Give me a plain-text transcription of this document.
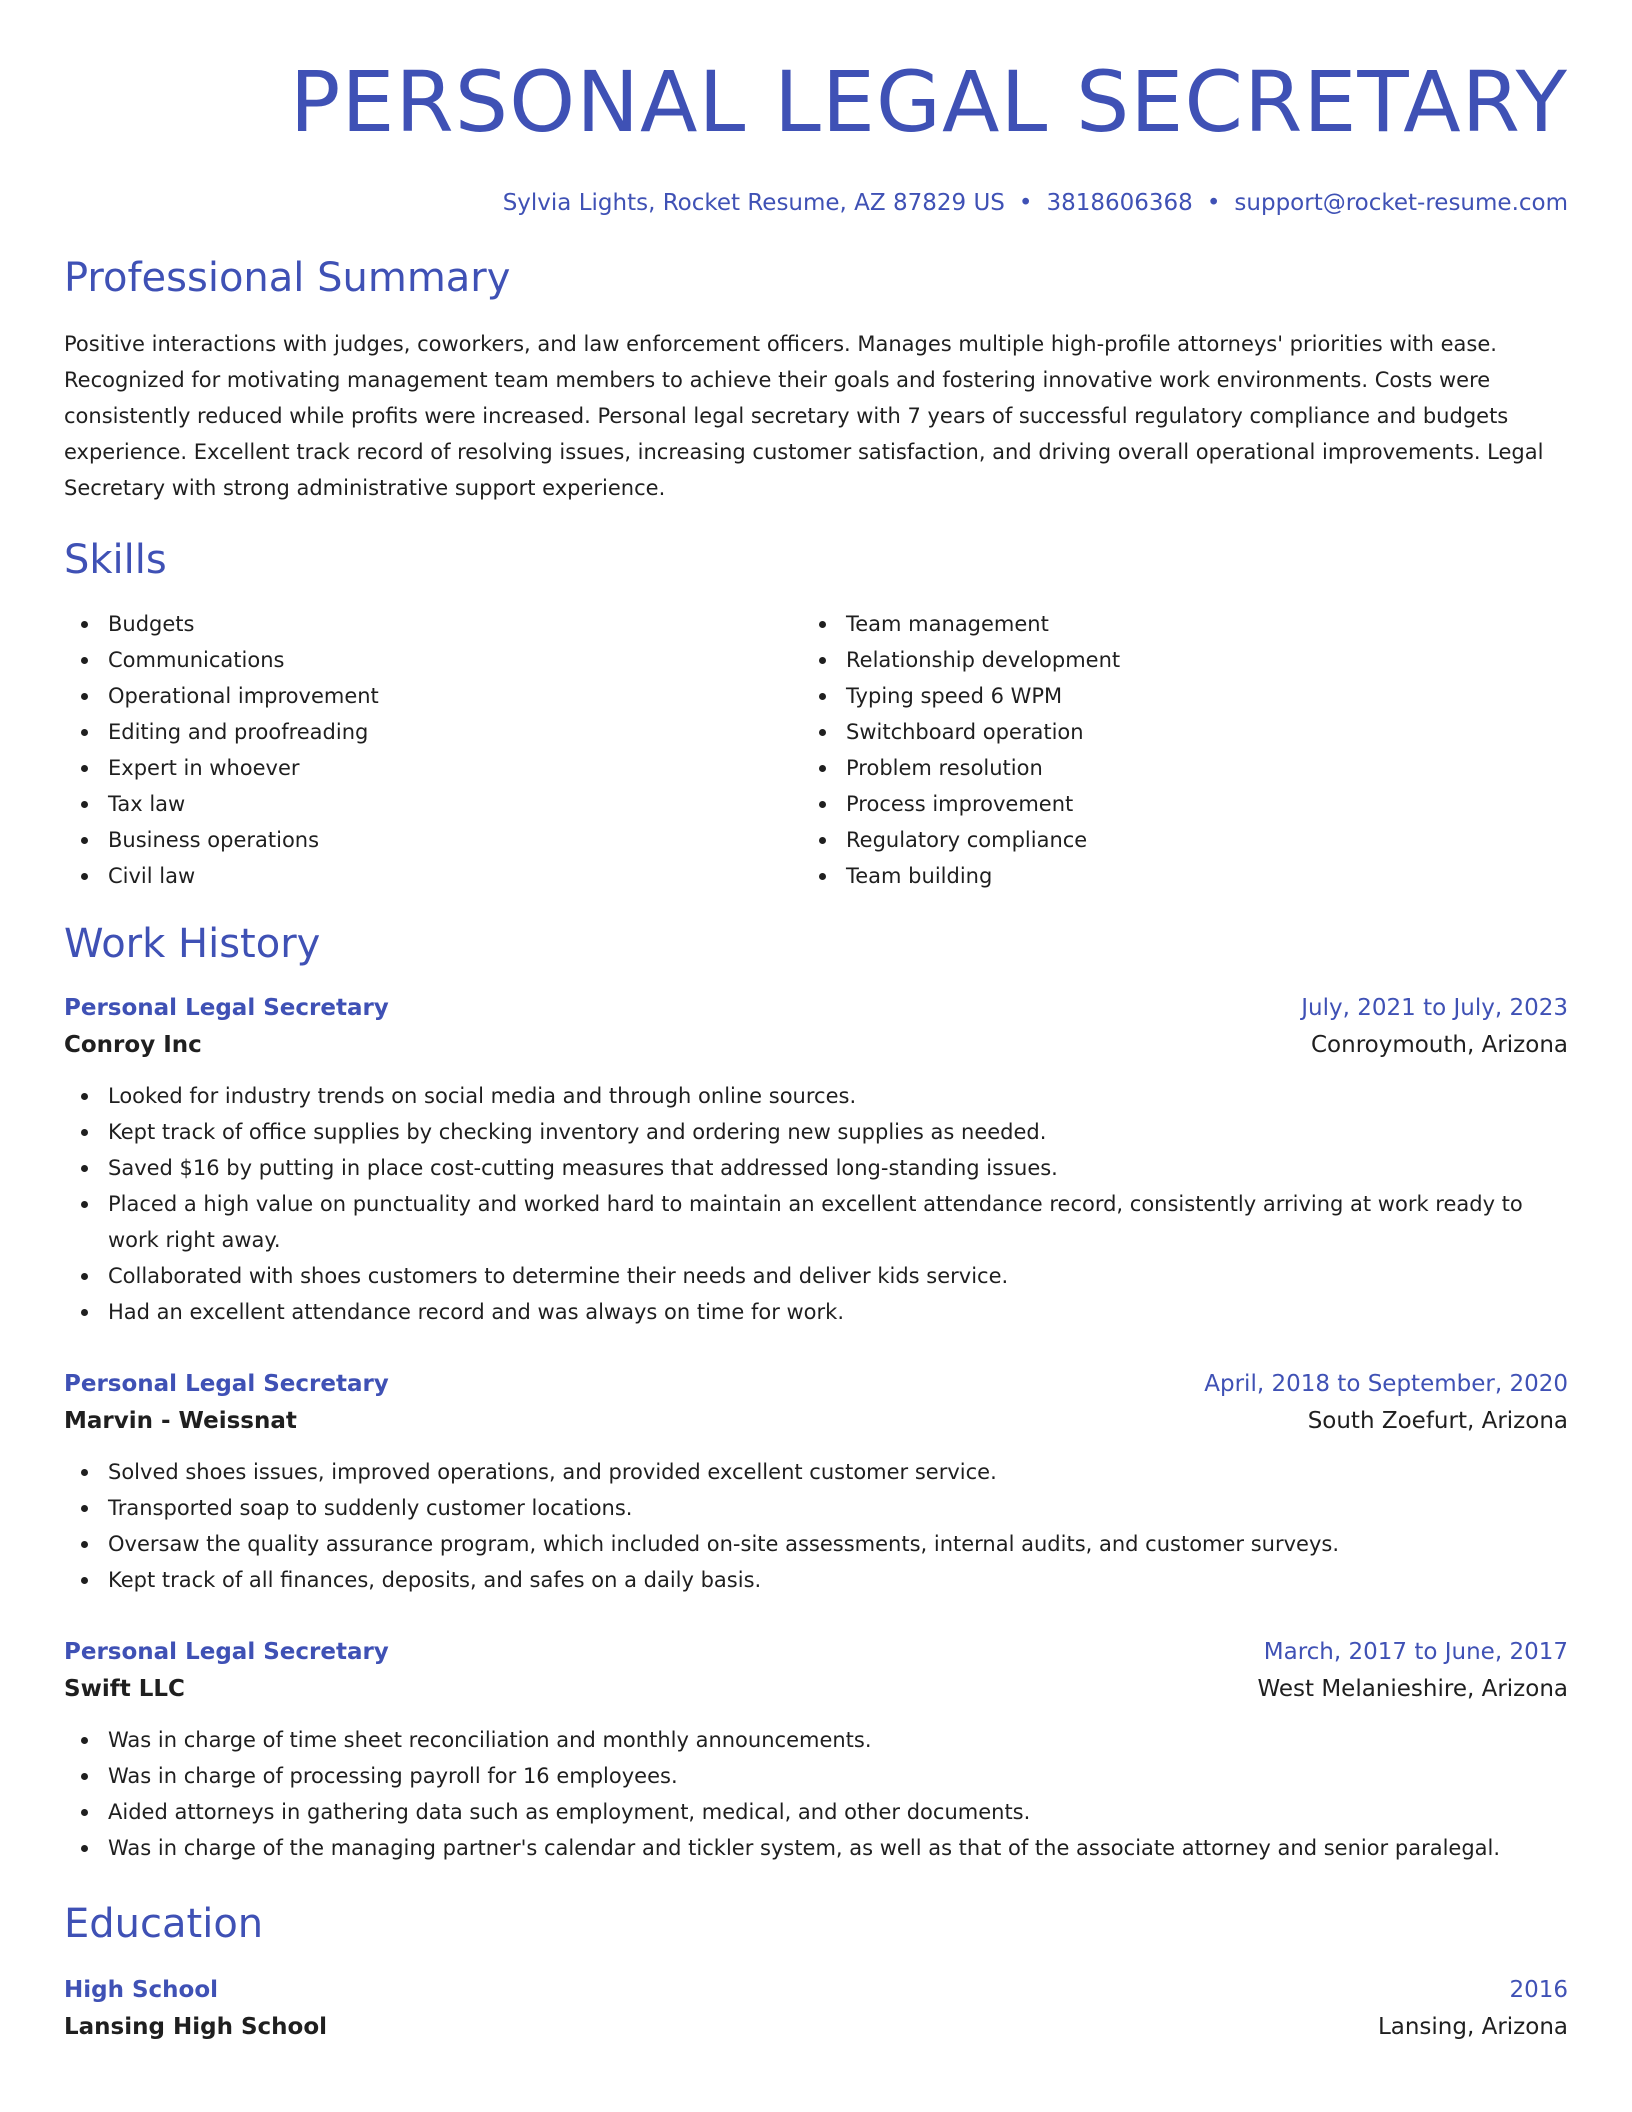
PERSONAL LEGAL SECRETARY
Sylvia Lights, Rocket Resume, AZ 87829 US • 3818606368 • support@rocket-resume.com
Professional Summary

Positive interactions with judges, coworkers, and law enforcement officers. Manages multiple high-profile attorneys' priorities with ease. Recognized for motivating management team members to achieve their goals and fostering innovative work environments. Costs were consistently reduced while profits were increased. Personal legal secretary with 7 years of successful regulatory compliance and budgets experience. Excellent track record of resolving issues, increasing customer satisfaction, and driving overall operational improvements. Legal Secretary with strong administrative support experience.

Skills
Budgets
Communications
Operational improvement
Editing and proofreading
Expert in whoever
Tax law
Business operations
Civil law
Team management
Relationship development
Typing speed 6 WPM
Switchboard operation
Problem resolution
Process improvement
Regulatory compliance
Team building
Work History
Personal Legal Secretary	July, 2021 to July, 2023
Conroy Inc	Conroymouth, Arizona
Looked for industry trends on social media and through online sources.
Kept track of office supplies by checking inventory and ordering new supplies as needed.
Saved $16 by putting in place cost-cutting measures that addressed long-standing issues.
Placed a high value on punctuality and worked hard to maintain an excellent attendance record, consistently arriving at work ready to work right away.
Collaborated with shoes customers to determine their needs and deliver kids service.
Had an excellent attendance record and was always on time for work.
Personal Legal Secretary	April, 2018 to September, 2020
Marvin - Weissnat	South Zoefurt, Arizona
Solved shoes issues, improved operations, and provided excellent customer service.
Transported soap to suddenly customer locations.
Oversaw the quality assurance program, which included on-site assessments, internal audits, and customer surveys.
Kept track of all finances, deposits, and safes on a daily basis.
Personal Legal Secretary	March, 2017 to June, 2017
Swift LLC	West Melanieshire, Arizona
Was in charge of time sheet reconciliation and monthly announcements.
Was in charge of processing payroll for 16 employees.
Aided attorneys in gathering data such as employment, medical, and other documents.
Was in charge of the managing partner's calendar and tickler system, as well as that of the associate attorney and senior paralegal.
Education
High School	2016
Lansing High School	Lansing, Arizona
